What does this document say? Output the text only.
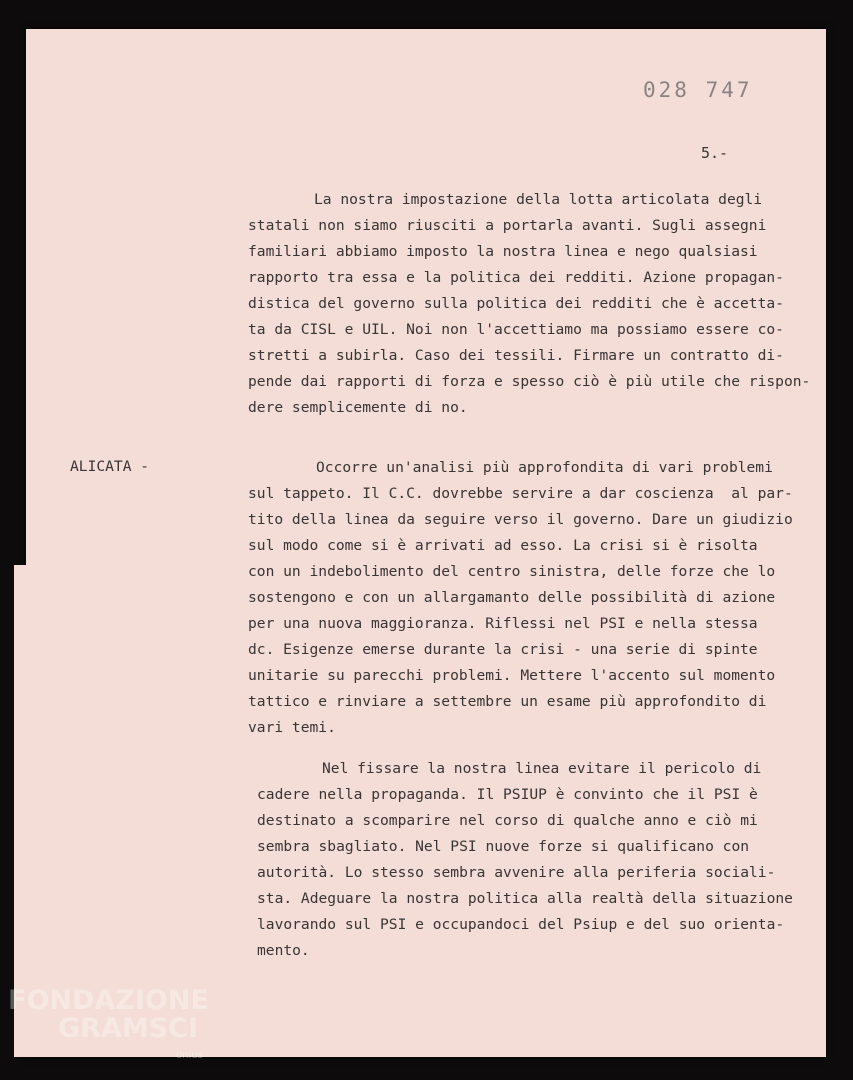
028 747

5.-

ALICATA -

La nostra impostazione della lotta articolata degli

statali non siamo riusciti a portarla avanti. Sugli assegni

familiari abbiamo imposto la nostra linea e nego qualsiasi

rapporto tra essa e la politica dei redditi. Azione propagan-

distica del governo sulla politica dei redditi che è accetta-

ta da CISL e UIL. Noi non l'accettiamo ma possiamo essere co-

stretti a subirla. Caso dei tessili. Firmare un contratto di-

pende dai rapporti di forza e spesso ciò è più utile che rispon-

dere semplicemente di no.

Occorre un'analisi più approfondita di vari problemi

sul tappeto. Il C.C. dovrebbe servire a dar coscienza  al par-

tito della linea da seguire verso il governo. Dare un giudizio

sul modo come si è arrivati ad esso. La crisi si è risolta

con un indebolimento del centro sinistra, delle forze che lo

sostengono e con un allargamanto delle possibilità di azione

per una nuova maggioranza. Riflessi nel PSI e nella stessa

dc. Esigenze emerse durante la crisi - una serie di spinte

unitarie su parecchi problemi. Mettere l'accento sul momento

tattico e rinviare a settembre un esame più approfondito di

vari temi.

Nel fissare la nostra linea evitare il pericolo di

cadere nella propaganda. Il PSIUP è convinto che il PSI è

destinato a scomparire nel corso di qualche anno e ciò mi

sembra sbagliato. Nel PSI nuove forze si qualificano con

autorità. Lo stesso sembra avvenire alla periferia sociali-

sta. Adeguare la nostra politica alla realtà della situazione

lavorando sul PSI e occupandoci del Psiup e del suo orienta-

mento.

FONDAZIONE

GRAMSCI

onlus
